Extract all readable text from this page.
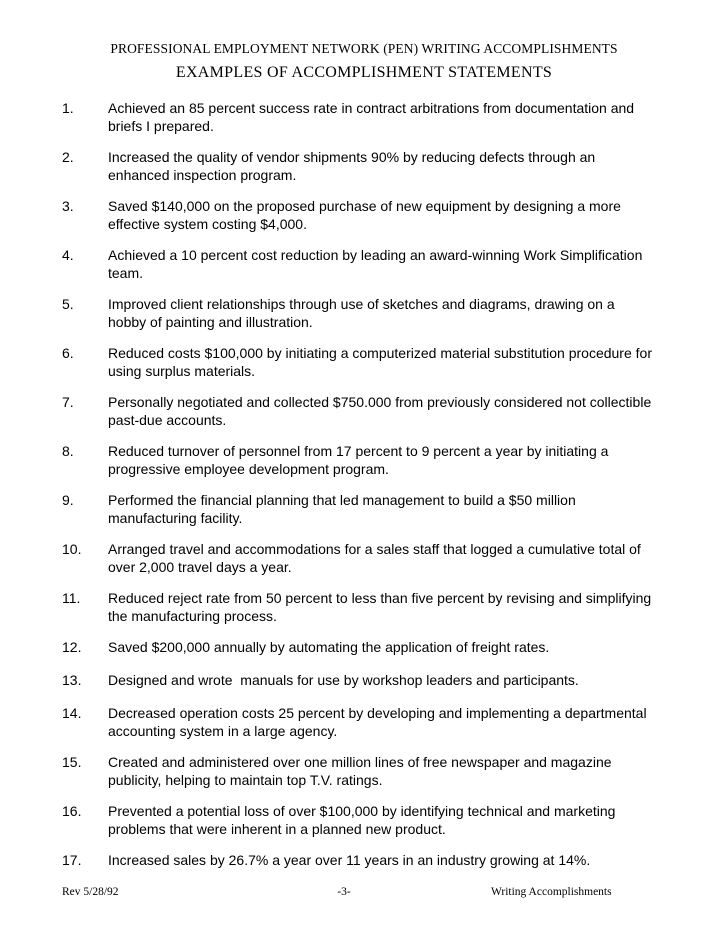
PROFESSIONAL EMPLOYMENT NETWORK (PEN) WRITING ACCOMPLISHMENTS
EXAMPLES OF ACCOMPLISHMENT STATEMENTS
1. Achieved an 85 percent success rate in contract arbitrations from documentation and
briefs I prepared.
2. Increased the quality of vendor shipments 90% by reducing defects through an
enhanced inspection program.
3. Saved $140,000 on the proposed purchase of new equipment by designing a more
effective system costing $4,000.
4. Achieved a 10 percent cost reduction by leading an award-winning Work Simplification
team.
5. Improved client relationships through use of sketches and diagrams, drawing on a
hobby of painting and illustration.
6. Reduced costs $100,000 by initiating a computerized material substitution procedure for
using surplus materials.
7. Personally negotiated and collected $750.000 from previously considered not collectible
past-due accounts.
8. Reduced turnover of personnel from 17 percent to 9 percent a year by initiating a
progressive employee development program.
9. Performed the financial planning that led management to build a $50 million
manufacturing facility.
10. Arranged travel and accommodations for a sales staff that logged a cumulative total of
over 2,000 travel days a year.
11. Reduced reject rate from 50 percent to less than five percent by revising and simplifying
the manufacturing process.
12. Saved $200,000 annually by automating the application of freight rates.
13. Designed and wrote  manuals for use by workshop leaders and participants.
14. Decreased operation costs 25 percent by developing and implementing a departmental
accounting system in a large agency.
15. Created and administered over one million lines of free newspaper and magazine
publicity, helping to maintain top T.V. ratings.
16. Prevented a potential loss of over $100,000 by identifying technical and marketing
problems that were inherent in a planned new product.
17. Increased sales by 26.7% a year over 11 years in an industry growing at 14%.
Rev 5/28/92	-3-	Writing Accomplishments
